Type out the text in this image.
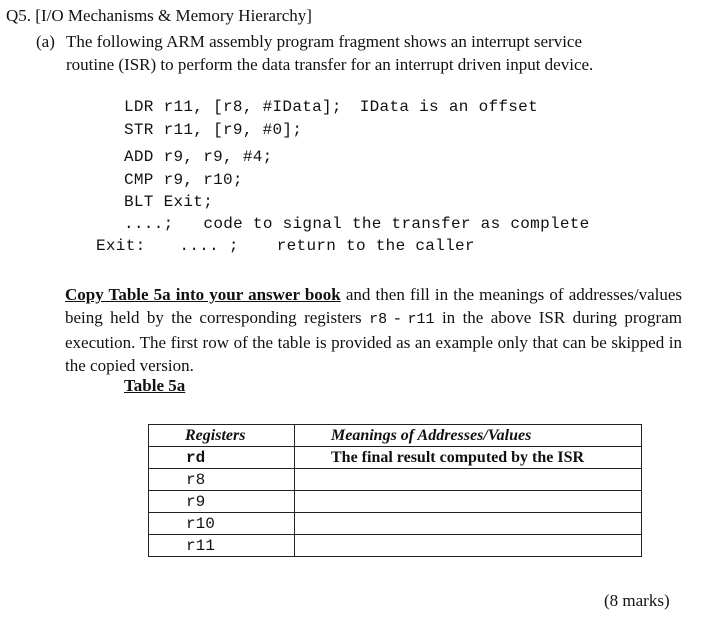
Q5. [I/O Mechanisms & Memory Hierarchy]
(a) The following ARM assembly program fragment shows an interrupt service
routine (ISR) to perform the data transfer for an interrupt driven input device.
LDR r11, [r8, #IData]; IData is an offset
STR r11, [r9, #0];
ADD r9, r9, #4;
CMP r9, r10;
BLT Exit;
....; code to signal the transfer as complete
Exit: .... ; return to the caller
Copy Table 5a into your answer book and then fill in the meanings of addresses/values being held by the corresponding registers r8 - r11 in the above ISR during program execution. The first row of the table is provided as an example only that can be skipped in the copied version.
Table 5a
Registers	Meanings of Addresses/Values
rd	The final result computed by the ISR
r8	
r9	
r10	
r11	
(8 marks)
